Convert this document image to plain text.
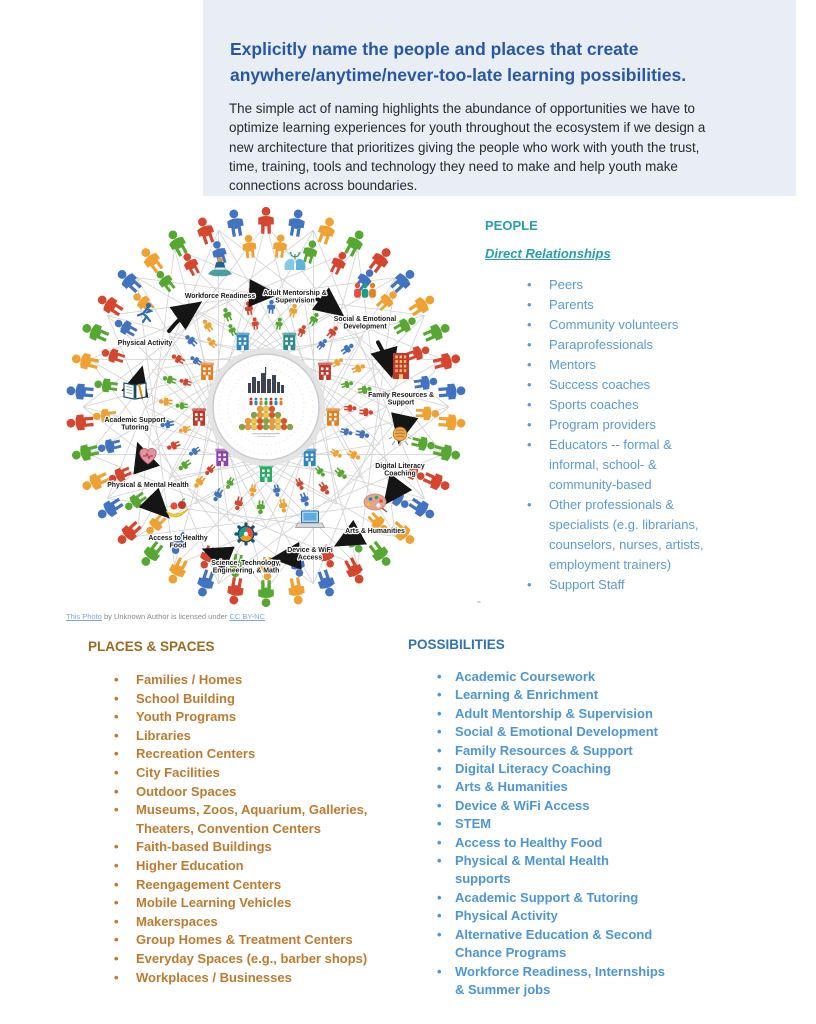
Explicitly name the people and places that create anywhere/anytime/never-too-late learning possibilities.

The simple act of naming highlights the abundance of opportunities we have to optimize learning experiences for youth throughout the ecosystem if we design a new architecture that prioritizes giving the people who work with youth the trust, time, training, tools and technology they need to make and help youth make connections across boundaries.

Workforce Readiness Adult Mentorship &
Supervision
Social & Emotional
Development
Family Resources &
Support
Digital Literacy
Coaching
Arts & Humanities
Device & WiFi
Access
Science, Technology,
Engineering, & Math
Access to Healthy
Food
Physical & Mental Health
Academic Support
Tutoring
Physical Activity

This Photo by Unknown Author is licensed under CC BY-NC

PEOPLE
Direct Relationships
• Peers
• Parents
• Community volunteers
• Paraprofessionals
• Mentors
• Success coaches
• Sports coaches
• Program providers
• Educators -- formal & informal, school- & community-based
• Other professionals & specialists (e.g. librarians, counselors, nurses, artists, employment trainers)
• Support Staff
-
PLACES & SPACES
• Families / Homes
• School Building
• Youth Programs
• Libraries
• Recreation Centers
• City Facilities
• Outdoor Spaces
• Museums, Zoos, Aquarium, Galleries, Theaters, Convention Centers
• Faith-based Buildings
• Higher Education
• Reengagement Centers
• Mobile Learning Vehicles
• Makerspaces
• Group Homes & Treatment Centers
• Everyday Spaces (e.g., barber shops)
• Workplaces / Businesses
POSSIBILITIES
• Academic Coursework
• Learning & Enrichment
• Adult Mentorship & Supervision
• Social & Emotional Development
• Family Resources & Support
• Digital Literacy Coaching
• Arts & Humanities
• Device & WiFi Access
• STEM
• Access to Healthy Food
• Physical & Mental Health supports
• Academic Support & Tutoring
• Physical Activity
• Alternative Education & Second Chance Programs
• Workforce Readiness, Internships & Summer jobs
